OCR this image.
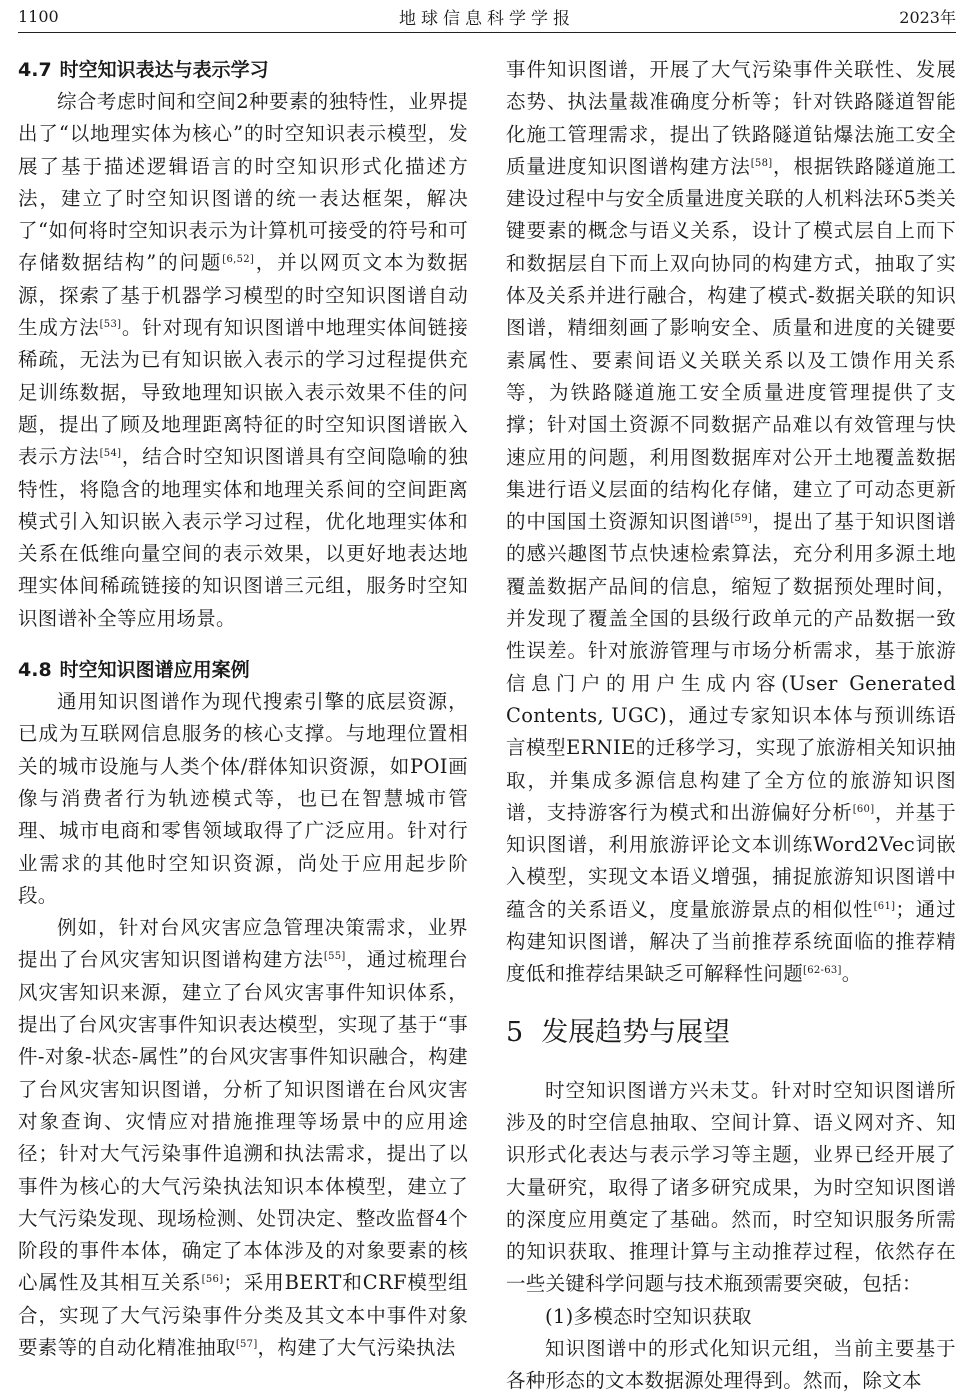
1100	地球信息科学学报	2023年
4.7 时空知识表达与表示学习

综合考虑时间和空间2种要素的独特性，业界提出了“以地理实体为核心”的时空知识表示模型，发展了基于描述逻辑语言的时空知识形式化描述方法，建立了时空知识图谱的统一表达框架，解决了“如何将时空知识表示为计算机可接受的符号和可存储数据结构”的问题[6,52]，并以网页文本为数据源，探索了基于机器学习模型的时空知识图谱自动生成方法[53]。针对现有知识图谱中地理实体间链接稀疏，无法为已有知识嵌入表示的学习过程提供充足训练数据，导致地理知识嵌入表示效果不佳的问题，提出了顾及地理距离特征的时空知识图谱嵌入表示方法[54]，结合时空知识图谱具有空间隐喻的独特性，将隐含的地理实体和地理关系间的空间距离模式引入知识嵌入表示学习过程，优化地理实体和关系在低维向量空间的表示效果，以更好地表达地理实体间稀疏链接的知识图谱三元组，服务时空知识图谱补全等应用场景。

4.8 时空知识图谱应用案例

通用知识图谱作为现代搜索引擎的底层资源，已成为互联网信息服务的核心支撑。与地理位置相关的城市设施与人类个体/群体知识资源，如POI画像与消费者行为轨迹模式等，也已在智慧城市管理、城市电商和零售领域取得了广泛应用。针对行业需求的其他时空知识资源，尚处于应用起步阶段。

例如，针对台风灾害应急管理决策需求，业界提出了台风灾害知识图谱构建方法[55]，通过梳理台风灾害知识来源，建立了台风灾害事件知识体系，提出了台风灾害事件知识表达模型，实现了基于“事件-对象-状态-属性”的台风灾害事件知识融合，构建了台风灾害知识图谱，分析了知识图谱在台风灾害对象查询、灾情应对措施推理等场景中的应用途径；针对大气污染事件追溯和执法需求，提出了以事件为核心的大气污染执法知识本体模型，建立了大气污染发现、现场检测、处罚决定、整改监督4个阶段的事件本体，确定了本体涉及的对象要素的核心属性及其相互关系[56]；采用BERT和CRF模型组合，实现了大气污染事件分类及其文本中事件对象要素等的自动化精准抽取[57]，构建了大气污染执法

事件知识图谱，开展了大气污染事件关联性、发展态势、执法量裁准确度分析等；针对铁路隧道智能化施工管理需求，提出了铁路隧道钻爆法施工安全质量进度知识图谱构建方法[58]，根据铁路隧道施工建设过程中与安全质量进度关联的人机料法环5类关键要素的概念与语义关系，设计了模式层自上而下和数据层自下而上双向协同的构建方式，抽取了实体及关系并进行融合，构建了模式-数据关联的知识图谱，精细刻画了影响安全、质量和进度的关键要素属性、要素间语义关联关系以及工馈作用关系等，为铁路隧道施工安全质量进度管理提供了支撑；针对国土资源不同数据产品难以有效管理与快速应用的问题，利用图数据库对公开土地覆盖数据集进行语义层面的结构化存储，建立了可动态更新的中国国土资源知识图谱[59]，提出了基于知识图谱的感兴趣图节点快速检索算法，充分利用多源土地覆盖数据产品间的信息，缩短了数据预处理时间，并发现了覆盖全国的县级行政单元的产品数据一致性误差。针对旅游管理与市场分析需求，基于旅游信息门户的用户生成内容(User Generated Contents, UGC)，通过专家知识本体与预训练语言模型ERNIE的迁移学习，实现了旅游相关知识抽取，并集成多源信息构建了全方位的旅游知识图谱，支持游客行为模式和出游偏好分析[60]，并基于知识图谱，利用旅游评论文本训练Word2Vec词嵌入模型，实现文本语义增强，捕捉旅游知识图谱中蕴含的关系语义，度量旅游景点的相似性[61]；通过构建知识图谱，解决了当前推荐系统面临的推荐精度低和推荐结果缺乏可解释性问题[62-63]。

5 发展趋势与展望

时空知识图谱方兴未艾。针对时空知识图谱所涉及的时空信息抽取、空间计算、语义网对齐、知识形式化表达与表示学习等主题，业界已经开展了大量研究，取得了诸多研究成果，为时空知识图谱的深度应用奠定了基础。然而，时空知识服务所需的知识获取、推理计算与主动推荐过程，依然存在一些关键科学问题与技术瓶颈需要突破，包括：

(1)多模态时空知识获取

知识图谱中的形式化知识元组，当前主要基于各种形态的文本数据源处理得到。然而，除文本
